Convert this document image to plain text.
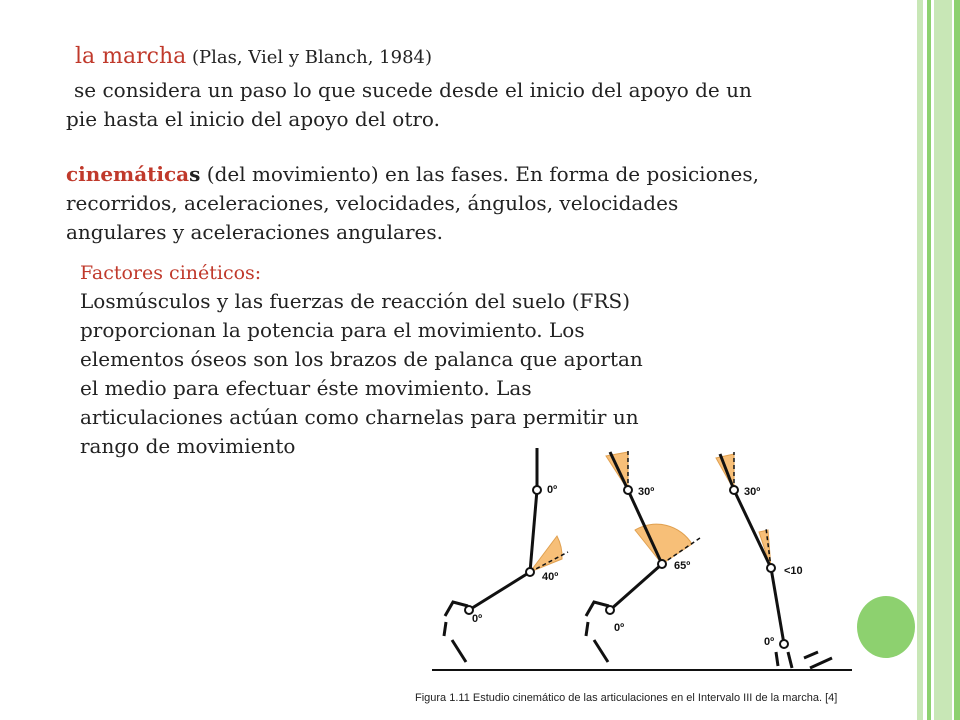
la marcha (Plas, Viel y Blanch, 1984)
se considera un paso lo que sucede desde el inicio del apoyo de un
pie hasta el inicio del apoyo del otro.
cinemáticas (del movimiento) en las fases. En forma de posiciones,
recorridos, aceleraciones, velocidades, ángulos, velocidades
angulares y aceleraciones angulares.
Factores cinéticos:
Losmúsculos y las fuerzas de reacción del suelo (FRS)
proporcionan la potencia para el movimiento. Los
elementos óseos son los brazos de palanca que aportan
el medio para efectuar éste movimiento. Las
articulaciones actúan como charnelas para permitir un
rango de movimiento
0º
40º
0º
30º
65º
0º
30º
<10
0º
Figura 1.11 Estudio cinemático de las articulaciones en el Intervalo III de la marcha. [4]
